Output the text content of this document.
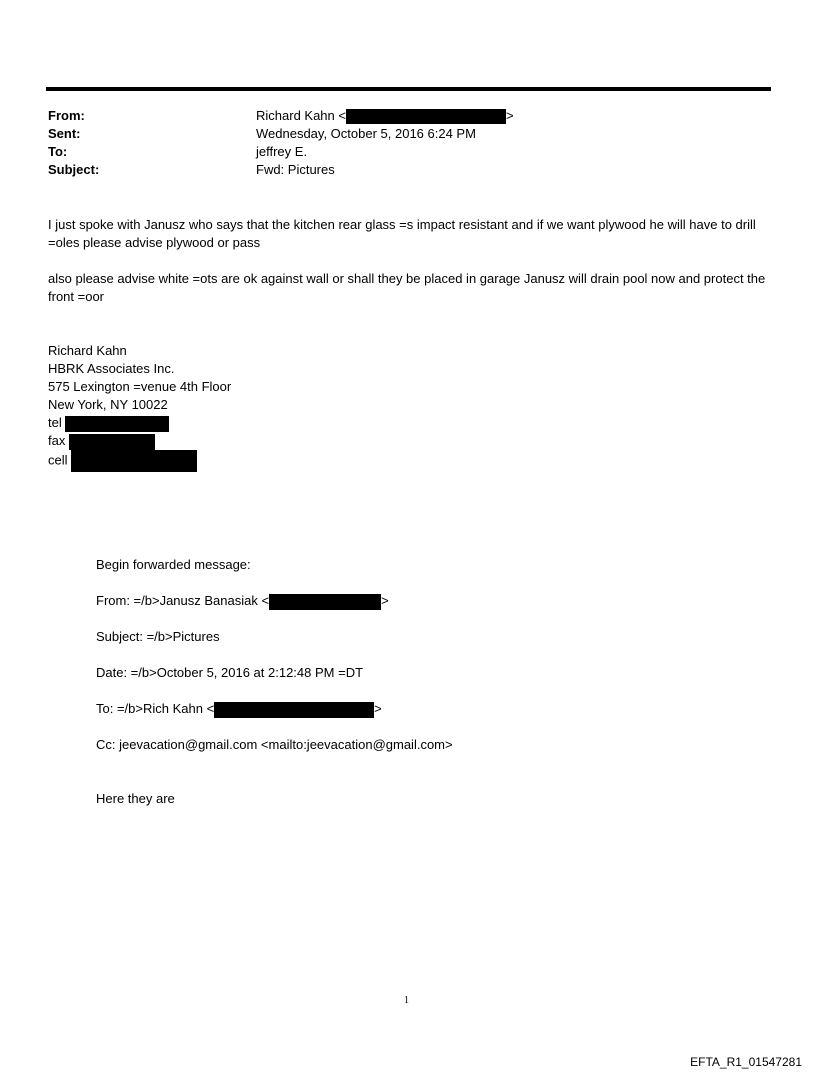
From:	Richard Kahn <	>
Sent:	Wednesday, October 5, 2016 6:24 PM
To:	jeffrey E.
Subject:	Fwd: Pictures
I just spoke with Janusz who says that the kitchen rear glass =s impact resistant and if we want plywood he will have to drill =oles please advise plywood or pass
also please advise white =ots are ok against wall or shall they be placed in garage Janusz will drain pool now and protect the front =oor
Richard Kahn
HBRK Associates Inc.
575 Lexington =venue 4th Floor
New York, NY 10022
tel
fax
cell
Begin forwarded message:
From: =/b>Janusz Banasiak <	>
Subject: =/b>Pictures
Date: =/b>October 5, 2016 at 2:12:48 PM =DT
To: =/b>Rich Kahn <	>
Cc: jeevacation@gmail.com <mailto:jeevacation@gmail.com>
Here they are
1
EFTA_R1_01547281
